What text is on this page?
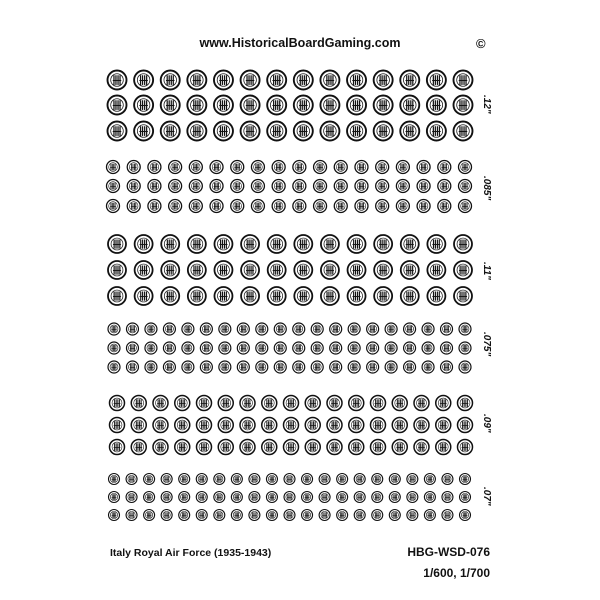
www.HistoricalBoardGaming.com	©
.12"
.085"
.11"
.075"
.09"
.07"
Italy Royal Air Force (1935-1943)	HBG-WSD-076
1/600, 1/700
